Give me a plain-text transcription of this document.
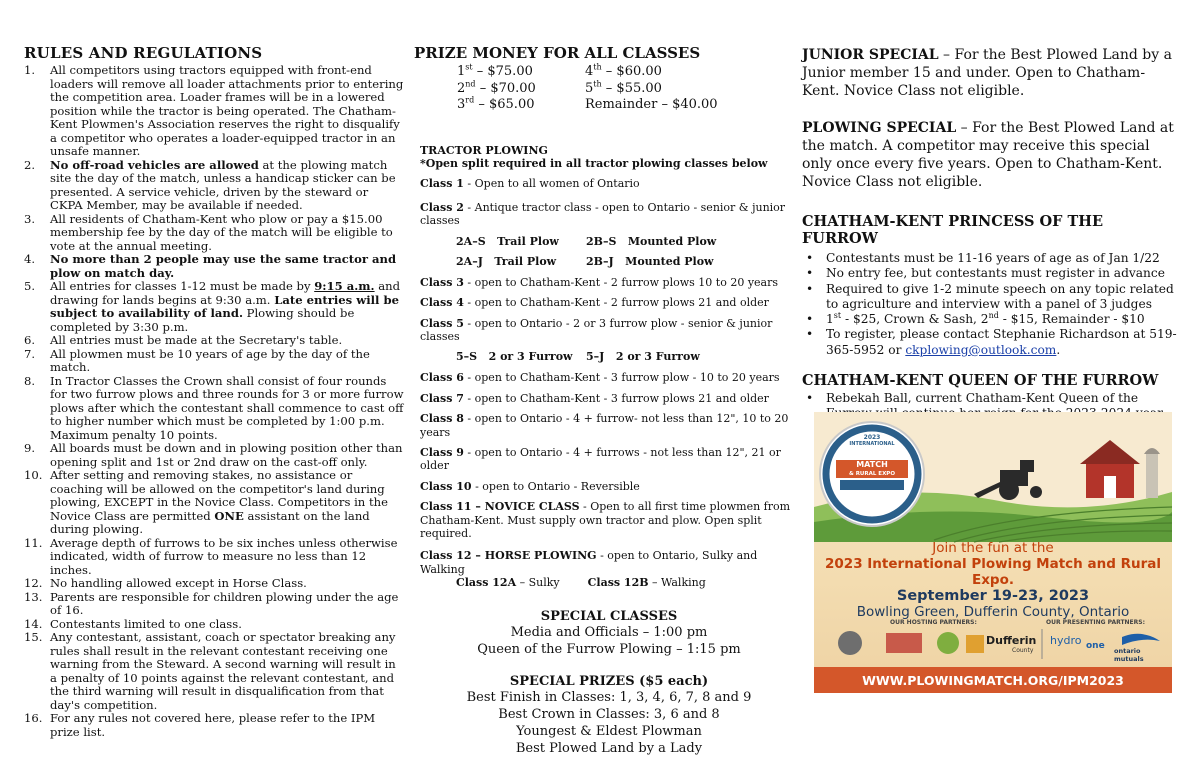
RULES AND REGULATIONS
1.	All competitors using tractors equipped with front-end loaders will remove all loader attachments prior to entering the competition area. Loader frames will be in a lowered position while the tractor is being operated. The Chatham-Kent Plowmen's Association reserves the right to disqualify a competitor who operates a loader-equipped tractor in an unsafe manner.
2.	No off-road vehicles are allowed at the plowing match site the day of the match, unless a handicap sticker can be presented. A service vehicle, driven by the steward or CKPA Member, may be available if needed.
3.	All residents of Chatham-Kent who plow or pay a $15.00 membership fee by the day of the match will be eligible to vote at the annual meeting.
4.	No more than 2 people may use the same tractor and plow on match day.
5.	All entries for classes 1-12 must be made by 9:15 a.m. and drawing for lands begins at 9:30 a.m. Late entries will be subject to availability of land. Plowing should be completed by 3:30 p.m.
6.	All entries must be made at the Secretary's table.
7.	All plowmen must be 10 years of age by the day of the match.
8.	In Tractor Classes the Crown shall consist of four rounds for two furrow plows and three rounds for 3 or more furrow plows after which the contestant shall commence to cast off to higher number which must be completed by 1:00 p.m. Maximum penalty 10 points.
9.	All boards must be down and in plowing position other than opening split and 1st or 2nd draw on the cast-off only.
10. After setting and removing stakes, no assistance or coaching will be allowed on the competitor's land during plowing, EXCEPT in the Novice Class. Competitors in the Novice Class are permitted ONE assistant on the land during plowing.
11. Average depth of furrows to be six inches unless otherwise indicated, width of furrow to measure no less than 12 inches.
12. No handling allowed except in Horse Class.
13. Parents are responsible for children plowing under the age of 16.
14. Contestants limited to one class.
15. Any contestant, assistant, coach or spectator breaking any rules shall result in the relevant contestant receiving one warning from the Steward. A second warning will result in a penalty of 10 points against the relevant contestant, and the third warning will result in disqualification from that day's competition.
16. For any rules not covered here, please refer to the IPM prize list.
PRIZE MONEY FOR ALL CLASSES
1st – $75.00	4th – $60.00
2nd – $70.00	5th – $55.00
3rd – $65.00	Remainder – $40.00
TRACTOR PLOWING
*Open split required in all tractor plowing classes below
Class 1 - Open to all women of Ontario
Class 2 - Antique tractor class - open to Ontario - senior & junior classes
2A–S   Trail Plow	2B–S   Mounted Plow
2A–J   Trail Plow	2B–J   Mounted Plow
Class 3 - open to Chatham-Kent - 2 furrow plows 10 to 20 years
Class 4 - open to Chatham-Kent - 2 furrow plows 21 and older
Class 5 - open to Ontario - 2 or 3 furrow plow - senior & junior classes
5–S   2 or 3 Furrow	5–J   2 or 3 Furrow
Class 6 - open to Chatham-Kent - 3 furrow plow - 10 to 20 years
Class 7 - open to Chatham-Kent - 3 furrow plows 21 and older
Class 8 - open to Ontario - 4 + furrow- not less than 12", 10 to 20 years
Class 9 - open to Ontario - 4 + furrows - not less than 12", 21 or older
Class 10 - open to Ontario - Reversible
Class 11 – NOVICE CLASS - Open to all first time plowmen from Chatham-Kent. Must supply own tractor and plow. Open split required.
Class 12 – HORSE PLOWING - open to Ontario, Sulky and Walking
Class 12A – Sulky	Class 12B – Walking
SPECIAL CLASSES
Media and Officials – 1:00 pm
Queen of the Furrow Plowing – 1:15 pm
SPECIAL PRIZES ($5 each)
Best Finish in Classes: 1, 3, 4, 6, 7, 8 and 9
Best Crown in Classes: 3, 6 and 8
Youngest & Eldest Plowman
Best Plowed Land by a Lady
JUNIOR SPECIAL – For the Best Plowed Land by a Junior member 15 and under. Open to Chatham-Kent. Novice Class not eligible.
PLOWING SPECIAL – For the Best Plowed Land at the match. A competitor may receive this special only once every five years. Open to Chatham-Kent. Novice Class not eligible.
CHATHAM-KENT PRINCESS OF THE FURROW
•	Contestants must be 11-16 years of age as of Jan 1/22
•	No entry fee, but contestants must register in advance
•	Required to give 1-2 minute speech on any topic related to agriculture and interview with a panel of 3 judges
•	1st - $25, Crown & Sash, 2nd - $15, Remainder - $10
•	To register, please contact Stephanie Richardson at 519-365-5952 or ckplowing@outlook.com.
CHATHAM-KENT QUEEN OF THE FURROW
•	Rebekah Ball, current Chatham-Kent Queen of the
2023
INTERNATIONAL
PLOWING
MATCH
& RURAL EXPO
Join the fun at the
2023 International Plowing Match and Rural Expo.
September 19-23, 2023
Bowling Green, Dufferin County, Ontario
OUR HOSTING PARTNERS:	OUR PRESENTING PARTNERS:
Dufferin
County
hydro one ontario mutuals
WWW.PLOWINGMATCH.ORG/IPM2023
